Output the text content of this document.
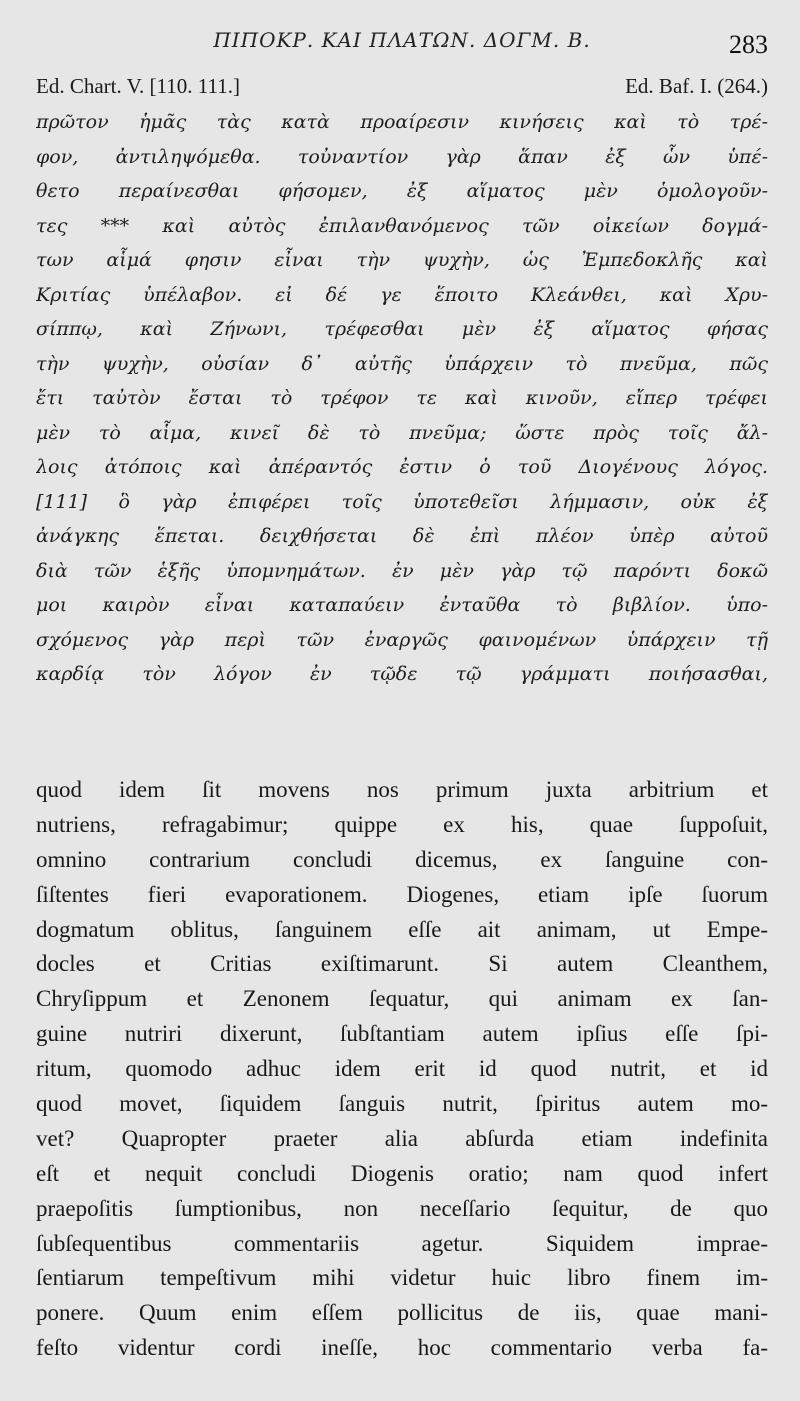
ΠΙΠΟΚΡ. ΚΑΙ ΠΛΑΤΩΝ. ΔΟΓΜ. Β.	283
Ed. Chart. V. [110. 111.]	Ed. Baf. I. (264.)
πρῶτον ἡμᾶς τὰς κατὰ προαίρεσιν κινήσεις καὶ τὸ τρέ-
φον, ἀντιληψόμεθα. τοὐναντίον γὰρ ἅπαν ἐξ ὧν ὑπέ-
θετο περαίνεσθαι φήσομεν, ἐξ αἵματος μὲν ὁμολογοῦν-
τες *** καὶ αὐτὸς ἐπιλανθανόμενος τῶν οἰκείων δογμά-
των αἷμά φησιν εἶναι τὴν ψυχὴν, ὡς Ἐμπεδοκλῆς καὶ
Κριτίας ὑπέλαβον. εἰ δέ γε ἕποιτο Κλεάνθει, καὶ Χρυ-
σίππῳ, καὶ Ζήνωνι, τρέφεσθαι μὲν ἐξ αἵματος φήσας
τὴν ψυχὴν, οὐσίαν δ᾽ αὐτῆς ὑπάρχειν τὸ πνεῦμα, πῶς
ἔτι ταὐτὸν ἔσται τὸ τρέφον τε καὶ κινοῦν, εἴπερ τρέφει
μὲν τὸ αἷμα, κινεῖ δὲ τὸ πνεῦμα; ὥστε πρὸς τοῖς ἄλ-
λοις ἀτόποις καὶ ἀπέραντός ἐστιν ὁ τοῦ Διογένους λόγος.
[111] ὃ γὰρ ἐπιφέρει τοῖς ὑποτεθεῖσι λήμμασιν, οὐκ ἐξ
ἀνάγκης ἕπεται. δειχθήσεται δὲ ἐπὶ πλέον ὑπὲρ αὐτοῦ
διὰ τῶν ἑξῆς ὑπομνημάτων. ἐν μὲν γὰρ τῷ παρόντι δοκῶ
μοι καιρὸν εἶναι καταπαύειν ἐνταῦθα τὸ βιβλίον. ὑπο-
σχόμενος γὰρ περὶ τῶν ἐναργῶς φαινομένων ὑπάρχειν τῇ
καρδίᾳ τὸν λόγον ἐν τῷδε τῷ γράμματι ποιήσασθαι,
quod idem ſit movens nos primum juxta arbitrium et
nutriens, refragabimur; quippe ex his, quae ſuppoſuit,
omnino contrarium concludi dicemus, ex ſanguine con-
ſiſtentes fieri evaporationem. Diogenes, etiam ipſe ſuorum
dogmatum oblitus, ſanguinem eſſe ait animam, ut Empe-
docles et Critias exiſtimarunt. Si autem Cleanthem,
Chryſippum et Zenonem ſequatur, qui animam ex ſan-
guine nutriri dixerunt, ſubſtantiam autem ipſius eſſe ſpi-
ritum, quomodo adhuc idem erit id quod nutrit, et id
quod movet, ſiquidem ſanguis nutrit, ſpiritus autem mo-
vet? Quapropter praeter alia abſurda etiam indefinita
eſt et nequit concludi Diogenis oratio; nam quod infert
praepoſitis ſumptionibus, non neceſſario ſequitur, de quo
ſubſequentibus commentariis agetur. Siquidem imprae-
ſentiarum tempeſtivum mihi videtur huic libro finem im-
ponere. Quum enim eſſem pollicitus de iis, quae mani-
feſto videntur cordi ineſſe, hoc commentario verba fa-
